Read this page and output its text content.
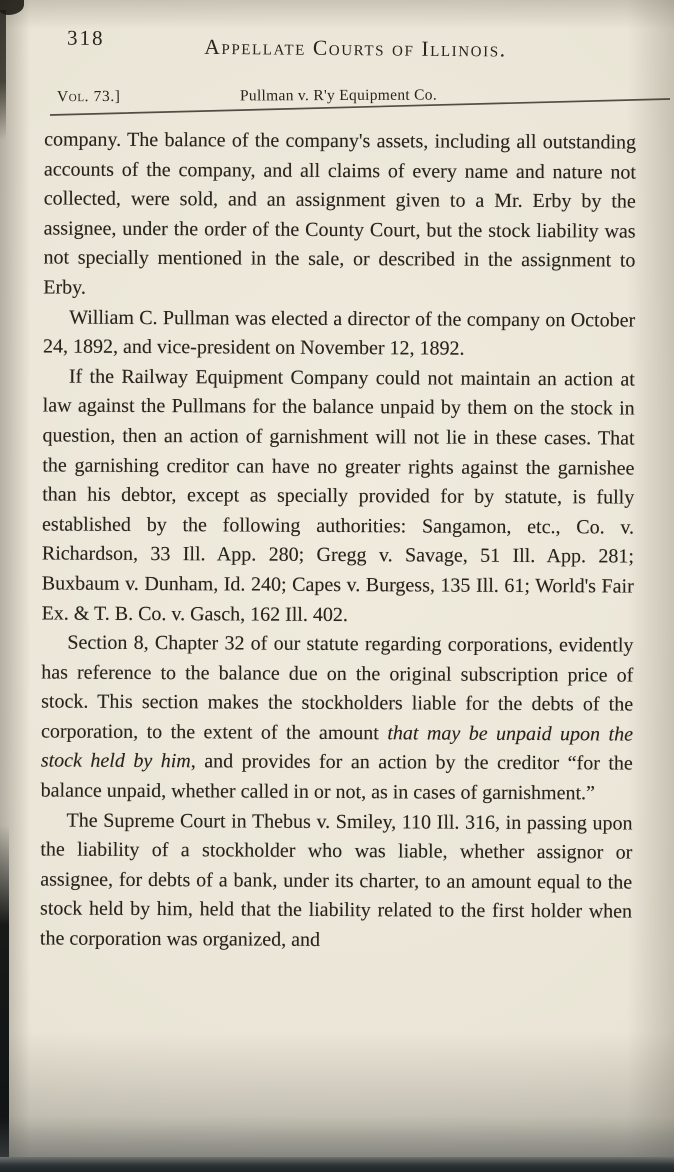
318	Appellate Courts of Illinois.
Vol. 73.]	Pullman v. R'y Equipment Co.

company. The balance of the company's assets, including all outstanding accounts of the company, and all claims of every name and nature not collected, were sold, and an assignment given to a Mr. Erby by the assignee, under the order of the County Court, but the stock liability was not specially mentioned in the sale, or described in the assignment to Erby.

William C. Pullman was elected a director of the company on October 24, 1892, and vice-president on November 12, 1892.

If the Railway Equipment Company could not maintain an action at law against the Pullmans for the balance unpaid by them on the stock in question, then an action of garnishment will not lie in these cases. That the garnishing creditor can have no greater rights against the garnishee than his debtor, except as specially provided for by statute, is fully established by the following authorities: Sangamon, etc., Co. v. Richardson, 33 Ill. App. 280; Gregg v. Savage, 51 Ill. App. 281; Buxbaum v. Dunham, Id. 240; Capes v. Burgess, 135 Ill. 61; World's Fair Ex. & T. B. Co. v. Gasch, 162 Ill. 402.

Section 8, Chapter 32 of our statute regarding corporations, evidently has reference to the balance due on the original subscription price of stock. This section makes the stockholders liable for the debts of the corporation, to the extent of the amount that may be unpaid upon the stock held by him, and provides for an action by the creditor “for the balance unpaid, whether called in or not, as in cases of garnishment.”

The Supreme Court in Thebus v. Smiley, 110 Ill. 316, in passing upon the liability of a stockholder who was liable, whether assignor or assignee, for debts of a bank, under its charter, to an amount equal to the stock held by him, held that the liability related to the first holder when the corporation was organized, and
